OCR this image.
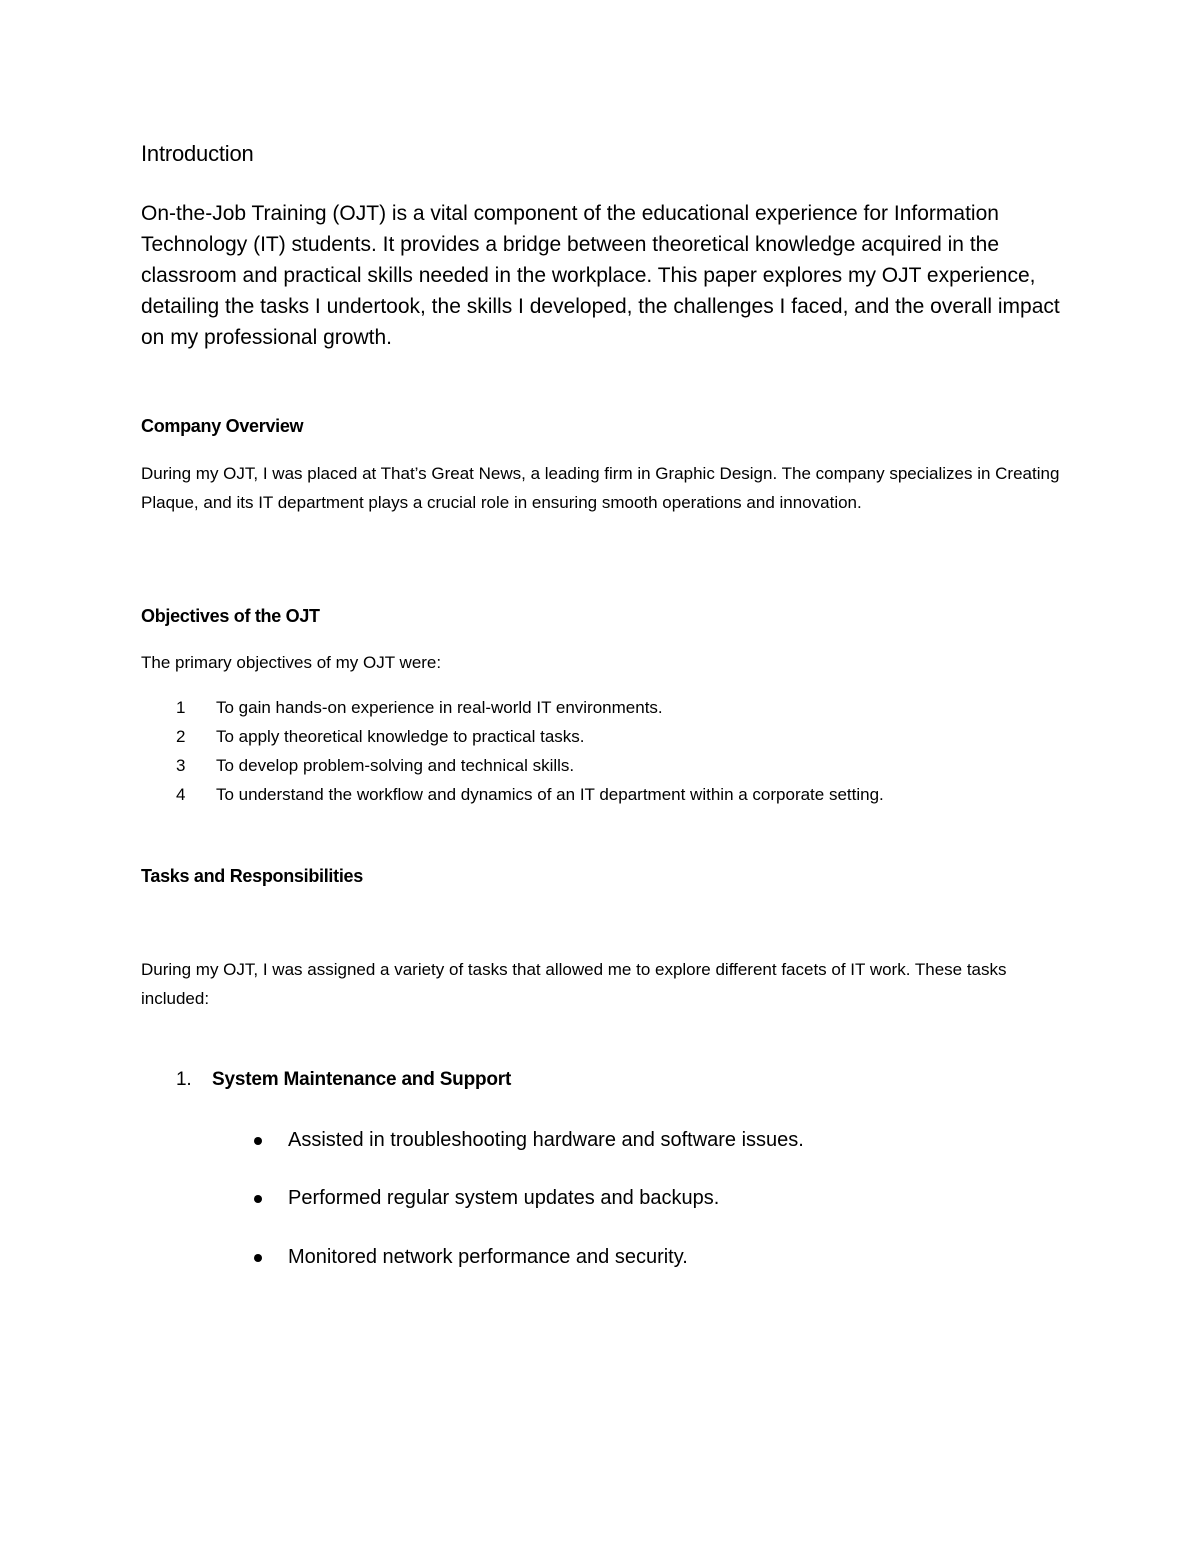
Introduction

On-the-Job Training (OJT) is a vital component of the educational experience for Information Technology (IT) students. It provides a bridge between theoretical knowledge acquired in the classroom and practical skills needed in the workplace. This paper explores my OJT experience, detailing the tasks I undertook, the skills I developed, the challenges I faced, and the overall impact on my professional growth.

Company Overview

During my OJT, I was placed at That’s Great News, a leading firm in Graphic Design. The company specializes in Creating Plaque, and its IT department plays a crucial role in ensuring smooth operations and innovation.

Objectives of the OJT

The primary objectives of my OJT were:

1	To gain hands-on experience in real-world IT environments.
2	To apply theoretical knowledge to practical tasks.
3	To develop problem-solving and technical skills.
4	To understand the workflow and dynamics of an IT department within a corporate setting.
Tasks and Responsibilities

During my OJT, I was assigned a variety of tasks that allowed me to explore different facets of IT work. These tasks included:

1. System Maintenance and Support
Assisted in troubleshooting hardware and software issues.
Performed regular system updates and backups.
Monitored network performance and security.
